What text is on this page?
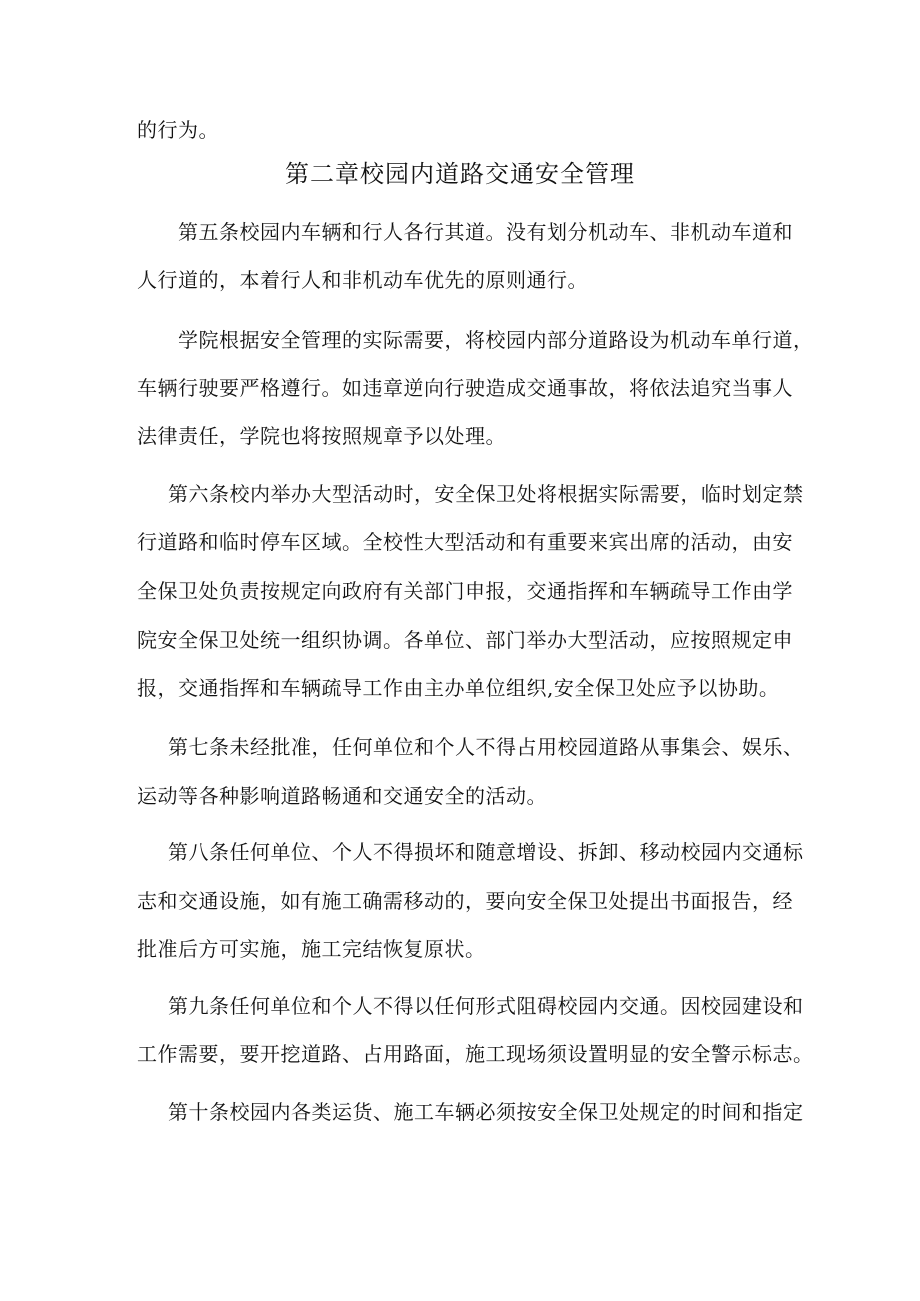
的行为。
第二章校园内道路交通安全管理
第五条校园内车辆和行人各行其道。没有划分机动车、非机动车道和
人行道的，本着行人和非机动车优先的原则通行。
学院根据安全管理的实际需要，将校园内部分道路设为机动车单行道，
车辆行驶要严格遵行。如违章逆向行驶造成交通事故，将依法追究当事人
法律责任，学院也将按照规章予以处理。
第六条校内举办大型活动时，安全保卫处将根据实际需要，临时划定禁
行道路和临时停车区域。全校性大型活动和有重要来宾出席的活动，由安
全保卫处负责按规定向政府有关部门申报，交通指挥和车辆疏导工作由学
院安全保卫处统一组织协调。各单位、部门举办大型活动，应按照规定申
报，交通指挥和车辆疏导工作由主办单位组织,安全保卫处应予以协助。
第七条未经批准，任何单位和个人不得占用校园道路从事集会、娱乐、
运动等各种影响道路畅通和交通安全的活动。
第八条任何单位、个人不得损坏和随意增设、拆卸、移动校园内交通标
志和交通设施，如有施工确需移动的，要向安全保卫处提出书面报告，经
批准后方可实施，施工完结恢复原状。
第九条任何单位和个人不得以任何形式阻碍校园内交通。因校园建设和
工作需要，要开挖道路、占用路面，施工现场须设置明显的安全警示标志。
第十条校园内各类运货、施工车辆必须按安全保卫处规定的时间和指定
